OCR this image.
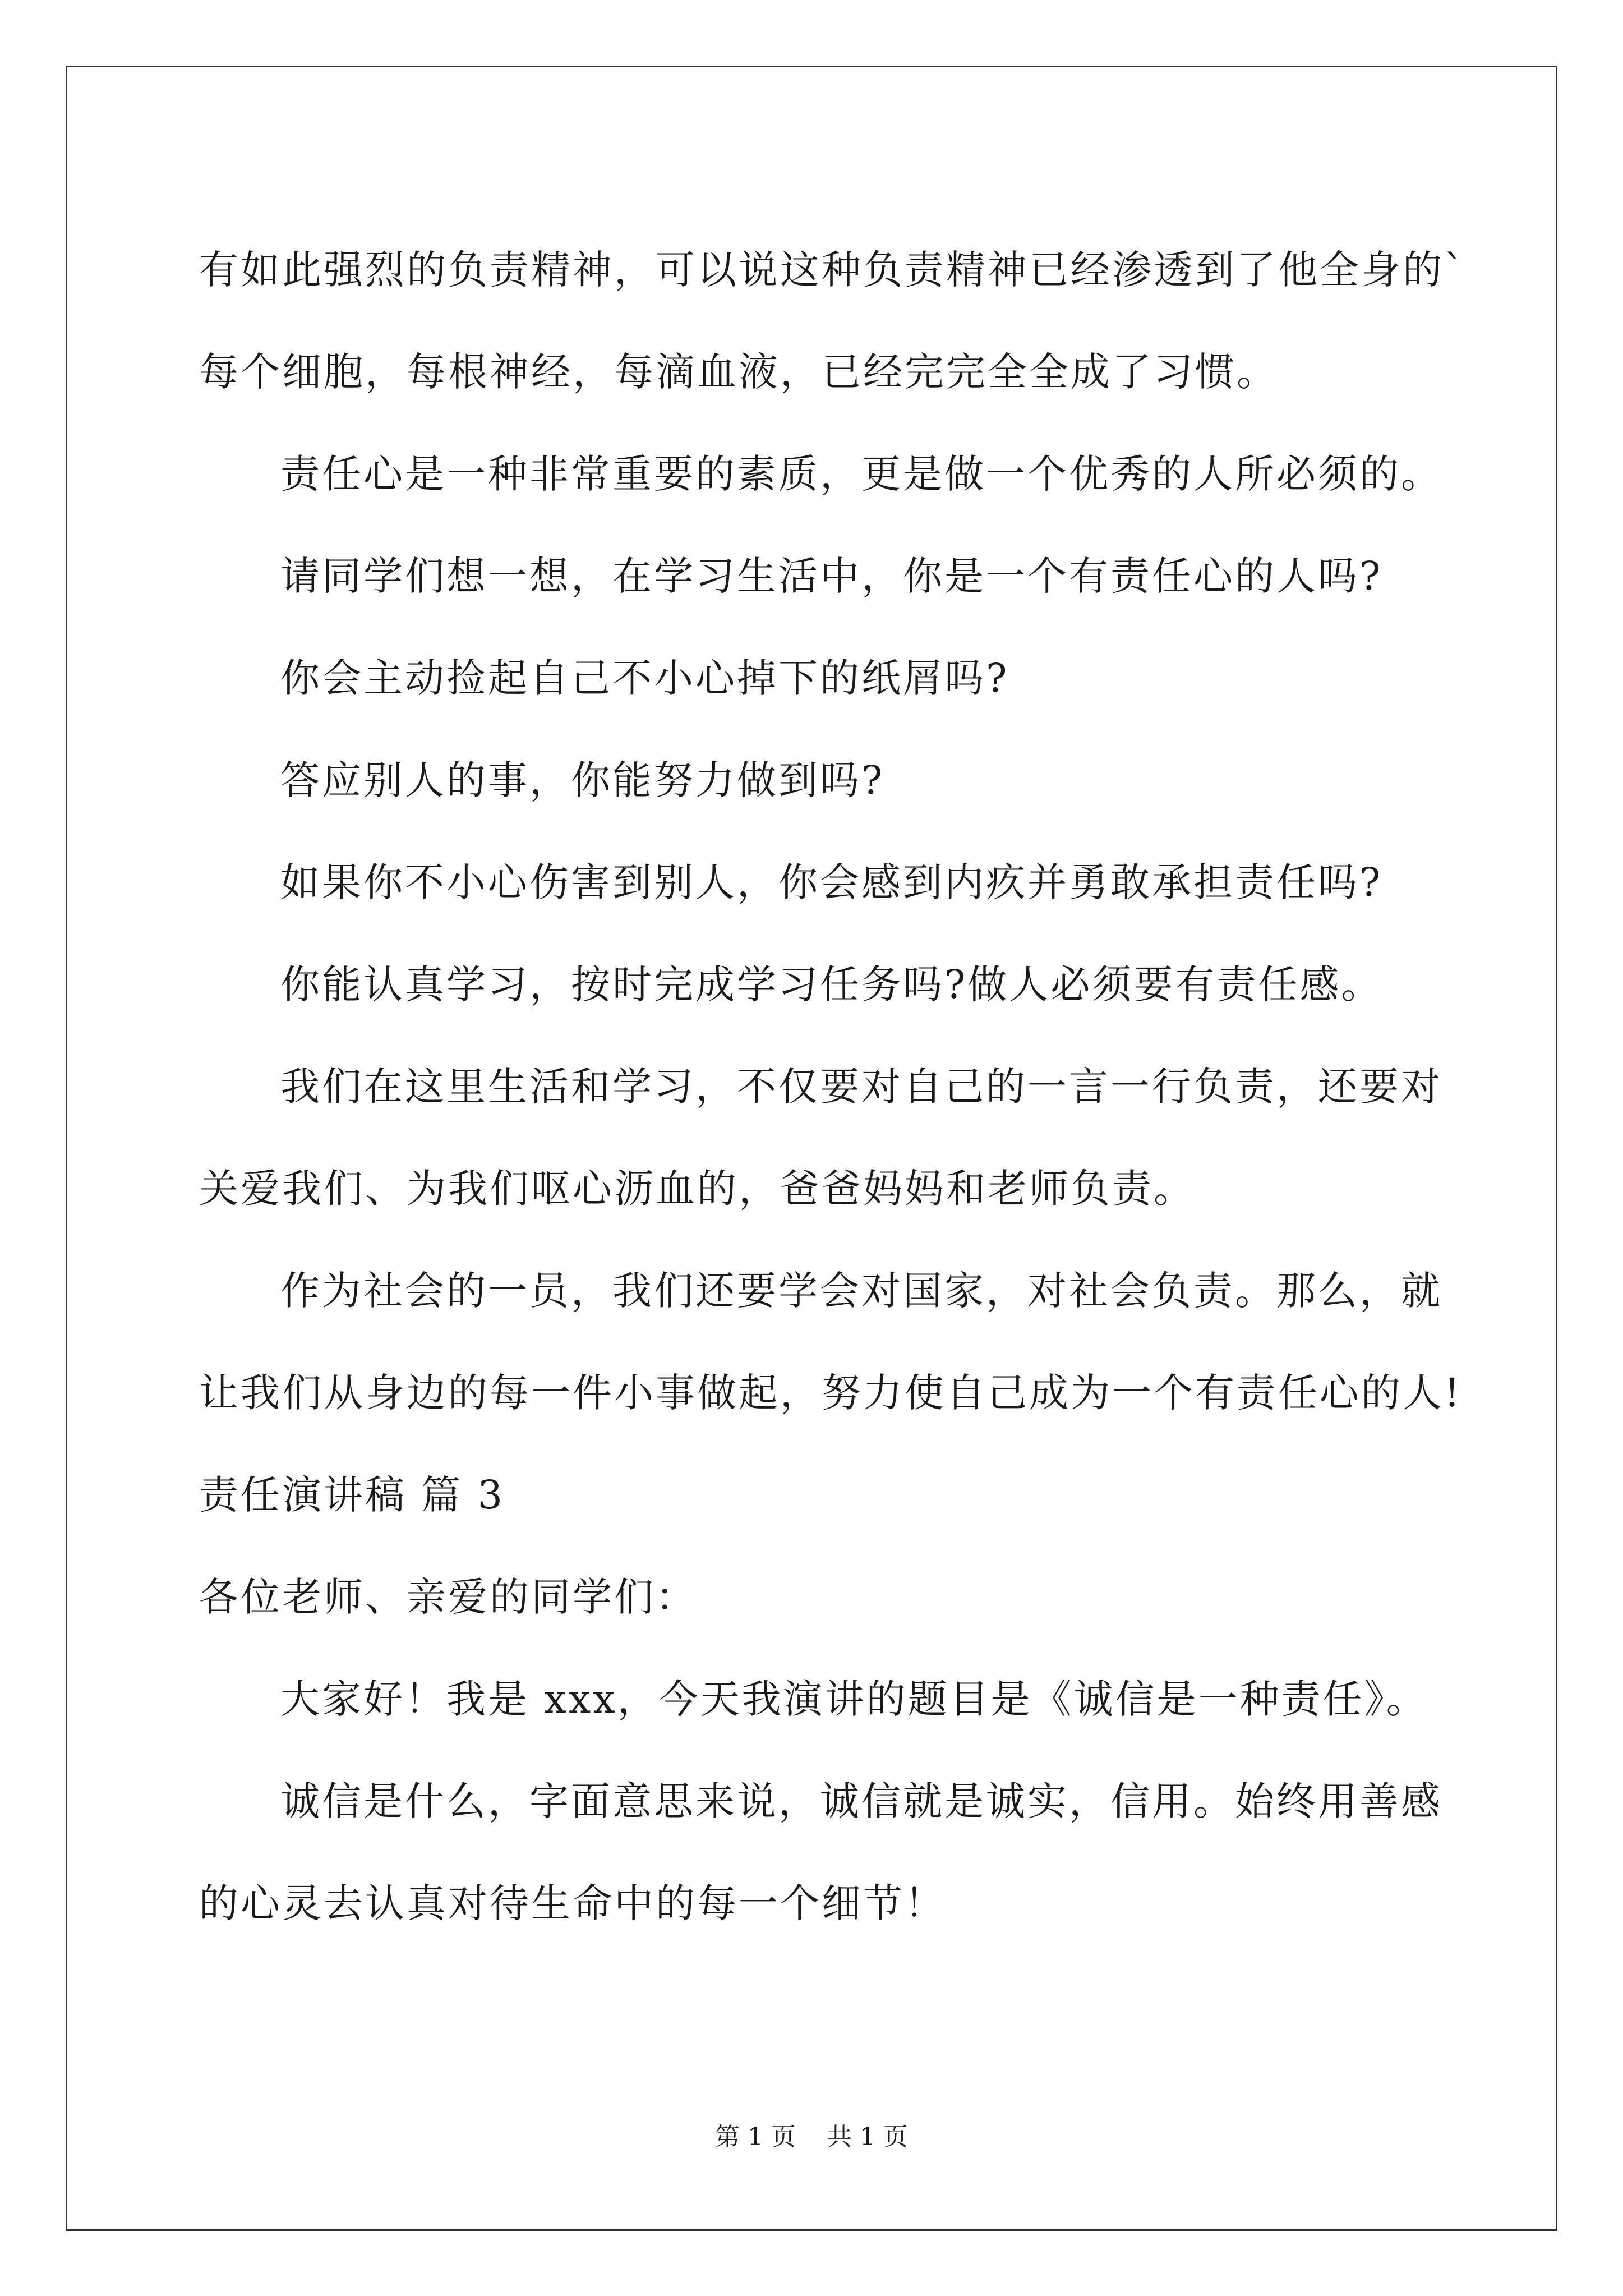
有如此强烈的负责精神，可以说这种负责精神已经渗透到了他全身的`
每个细胞，每根神经，每滴血液，已经完完全全成了习惯。
责任心是一种非常重要的素质，更是做一个优秀的人所必须的。
请同学们想一想，在学习生活中，你是一个有责任心的人吗?
你会主动捡起自己不小心掉下的纸屑吗?
答应别人的事，你能努力做到吗?
如果你不小心伤害到别人，你会感到内疚并勇敢承担责任吗?
你能认真学习，按时完成学习任务吗?做人必须要有责任感。
我们在这里生活和学习，不仅要对自己的一言一行负责，还要对
关爱我们、为我们呕心沥血的，爸爸妈妈和老师负责。
作为社会的一员，我们还要学会对国家，对社会负责。那么，就
让我们从身边的每一件小事做起，努力使自己成为一个有责任心的人!
责任演讲稿 篇 3
各位老师、亲爱的同学们：
大家好！我是 xxx，今天我演讲的题目是《诚信是一种责任》。
诚信是什么，字面意思来说，诚信就是诚实，信用。始终用善感
的心灵去认真对待生命中的每一个细节！
第 1 页    共 1 页
